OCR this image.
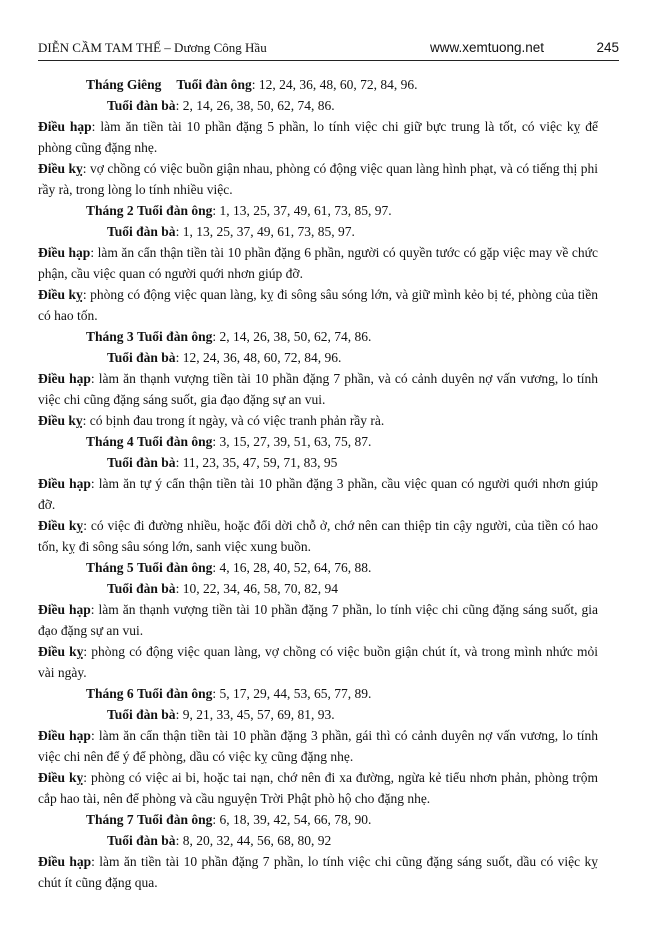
DIỄN CẦM TAM THẾ – Dương Công Hầu	www.xemtuong.net	245

Tháng Giêng Tuổi đàn ông: 12, 24, 36, 48, 60, 72, 84, 96.

Tuổi đàn bà: 2, 14, 26, 38, 50, 62, 74, 86.

Điều hạp: làm ăn tiền tài 10 phần đặng 5 phần, lo tính việc chi giữ bực trung là tốt, có việc kỵ để phòng cũng đặng nhẹ.

Điều kỵ: vợ chồng có việc buồn giận nhau, phòng có động việc quan làng hình phạt, và có tiếng thị phi rầy rà, trong lòng lo tính nhiều việc.

Tháng 2 Tuổi đàn ông: 1, 13, 25, 37, 49, 61, 73, 85, 97.

Tuổi đàn bà: 1, 13, 25, 37, 49, 61, 73, 85, 97.

Điều hạp: làm ăn cẩn thận tiền tài 10 phần đặng 6 phần, người có quyền tước có gặp việc may về chức phận, cầu việc quan có người quới nhơn giúp đỡ.

Điều kỵ: phòng có động việc quan làng, kỵ đi sông sâu sóng lớn, và giữ mình kẻo bị té, phòng của tiền có hao tốn.

Tháng 3 Tuổi đàn ông: 2, 14, 26, 38, 50, 62, 74, 86.

Tuổi đàn bà: 12, 24, 36, 48, 60, 72, 84, 96.

Điều hạp: làm ăn thạnh vượng tiền tài 10 phần đặng 7 phần, và có cảnh duyên nợ vấn vương, lo tính việc chi cũng đặng sáng suốt, gia đạo đặng sự an vui.

Điều kỵ: có bịnh đau trong ít ngày, và có việc tranh phản rầy rà.

Tháng 4 Tuổi đàn ông: 3, 15, 27, 39, 51, 63, 75, 87.

Tuổi đàn bà: 11, 23, 35, 47, 59, 71, 83, 95

Điều hạp: làm ăn tự ý cẩn thận tiền tài 10 phần đặng 3 phần, cầu việc quan có người quới nhơn giúp đỡ.

Điều kỵ: có việc đi đường nhiều, hoặc đổi dời chỗ ở, chớ nên can thiệp tin cậy người, của tiền có hao tốn, kỵ đi sông sâu sóng lớn, sanh việc xung buồn.

Tháng 5 Tuổi đàn ông: 4, 16, 28, 40, 52, 64, 76, 88.

Tuổi đàn bà: 10, 22, 34, 46, 58, 70, 82, 94

Điều hạp: làm ăn thạnh vượng tiền tài 10 phần đặng 7 phần, lo tính việc chi cũng đặng sáng suốt, gia đạo đặng sự an vui.

Điều kỵ: phòng có động việc quan làng, vợ chồng có việc buồn giận chút ít, và trong mình nhức mỏi vài ngày.

Tháng 6 Tuổi đàn ông: 5, 17, 29, 44, 53, 65, 77, 89.

Tuổi đàn bà: 9, 21, 33, 45, 57, 69, 81, 93.

Điều hạp: làm ăn cẩn thận tiền tài 10 phần đặng 3 phần, gái thì có cảnh duyên nợ vấn vương, lo tính việc chi nên để ý để phòng, dầu có việc kỵ cũng đặng nhẹ.

Điều kỵ: phòng có việc ai bi, hoặc tai nạn, chớ nên đi xa đường, ngừa kẻ tiểu nhơn phản, phòng trộm cắp hao tài, nên để phòng và cầu nguyện Trời Phật phò hộ cho đặng nhẹ.

Tháng 7 Tuổi đàn ông: 6, 18, 39, 42, 54, 66, 78, 90.

Tuổi đàn bà: 8, 20, 32, 44, 56, 68, 80, 92

Điều hạp: làm ăn tiền tài 10 phần đặng 7 phần, lo tính việc chi cũng đặng sáng suốt, dầu có việc kỵ chút ít cũng đặng qua.
